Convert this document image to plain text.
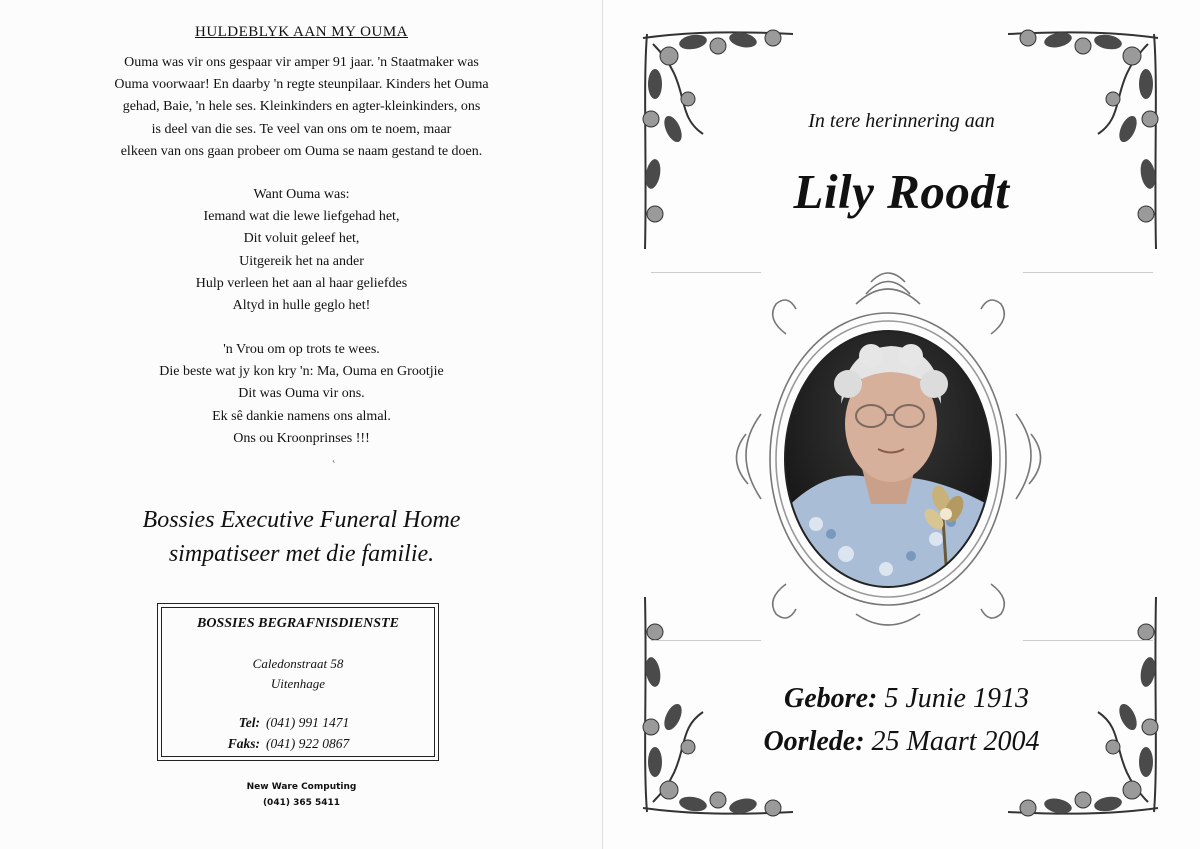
HULDEBLYK AAN MY OUMA
Ouma was vir ons gespaar vir amper 91 jaar. 'n Staatmaker was
Ouma voorwaar! En daarby 'n regte steunpilaar. Kinders het Ouma
gehad, Baie, 'n hele ses. Kleinkinders en agter-kleinkinders, ons
is deel van die ses. Te veel van ons om te noem, maar
elkeen van ons gaan probeer om Ouma se naam gestand te doen.
Want Ouma was:
Iemand wat die lewe liefgehad het,
Dit voluit geleef het,
Uitgereik het na ander
Hulp verleen het aan al haar geliefdes
Altyd in hulle geglo het!
'n Vrou om op trots te wees.
Die beste wat jy kon kry 'n: Ma, Ouma en Grootjie
Dit was Ouma vir ons.
Ek sê dankie namens ons almal.
Ons ou Kroonprinses !!!
˛
Bossies Executive Funeral Home
simpatiseer met die familie.
BOSSIES BEGRAFNISDIENSTE
Caledonstraat 58
Uitenhage
Tel: (041) 991 1471
Faks: (041) 922 0867
New Ware Computing
(041) 365 5411
In tere herinnering aan
Lily Roodt
Gebore: 5 Junie 1913
Oorlede: 25 Maart 2004
